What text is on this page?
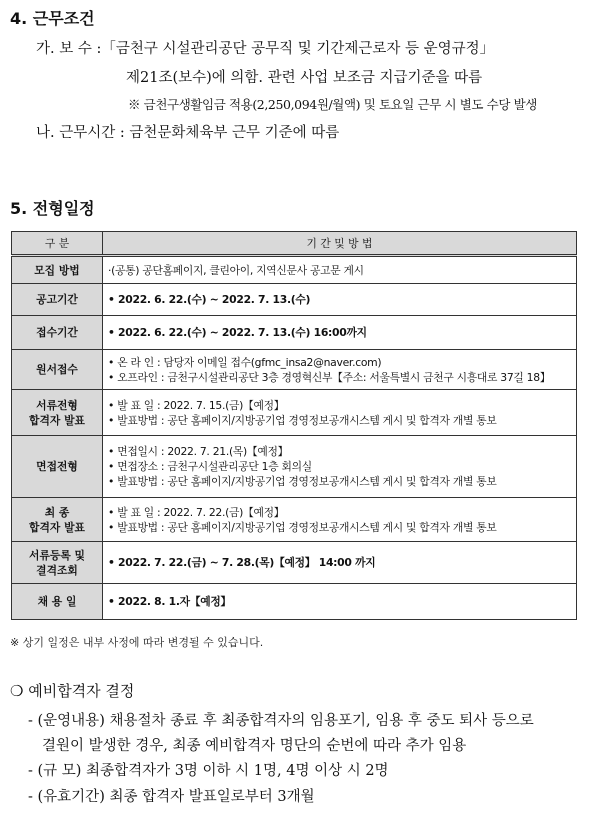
4. 근무조건
가. 보 수 :「금천구 시설관리공단 공무직 및 기간제근로자 등 운영규정」
제21조(보수)에 의함. 관련 사업 보조금 지급기준을 따름
※ 금천구생활임금 적용(2,250,094원/월액) 및 토요일 근무 시 별도 수당 발생
나. 근무시간 : 금천문화체육부 근무 기준에 따름
5. 전형일정
구 분	기 간 및 방 법

모집 방법	·(공통) 공단홈페이지, 클린아이, 지역신문사 공고문 게시

공고기간	• 2022. 6. 22.(수) ~ 2022. 7. 13.(수)

접수기간	• 2022. 6. 22.(수) ~ 2022. 7. 13.(수) 16:00까지

원서접수	• 온 라 인 : 담당자 이메일 접수(gfmc_insa2@naver.com)
• 오프라인 : 금천구시설관리공단 3층 경영혁신부【주소: 서울특별시 금천구 시흥대로 37길 18】

서류전형
합격자 발표	• 발 표 일 : 2022. 7. 15.(금)【예정】
• 발표방법 : 공단 홈페이지/지방공기업 경영정보공개시스템 게시 및 합격자 개별 통보

면접전형	• 면접일시 : 2022. 7. 21.(목)【예정】
• 면접장소 : 금천구시설관리공단 1층 회의실
• 발표방법 : 공단 홈페이지/지방공기업 경영정보공개시스템 게시 및 합격자 개별 통보

최 종
합격자 발표	• 발 표 일 : 2022. 7. 22.(금)【예정】
• 발표방법 : 공단 홈페이지/지방공기업 경영정보공개시스템 게시 및 합격자 개별 통보

서류등록 및
결격조회	• 2022. 7. 22.(금) ~ 7. 28.(목)【예정】 14:00 까지

채 용 일	• 2022. 8. 1.자【예정】
※ 상기 일정은 내부 사정에 따라 변경될 수 있습니다.
❍ 예비합격자 결정
- (운영내용) 채용절차 종료 후 최종합격자의 임용포기, 임용 후 중도 퇴사 등으로
결원이 발생한 경우, 최종 예비합격자 명단의 순번에 따라 추가 임용
- (규 모) 최종합격자가 3명 이하 시 1명, 4명 이상 시 2명
- (유효기간) 최종 합격자 발표일로부터 3개월
